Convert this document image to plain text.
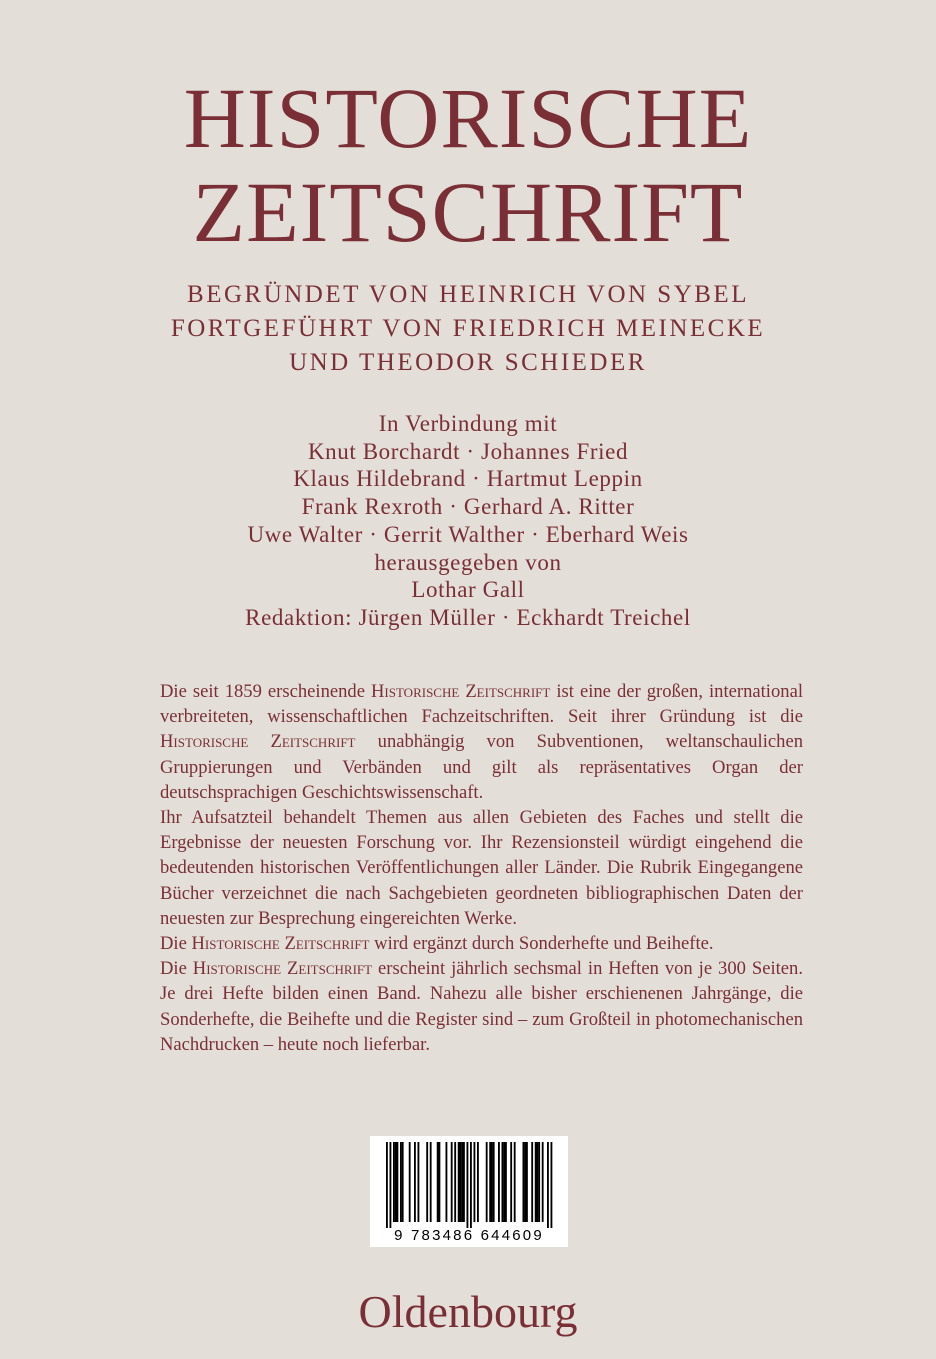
HISTORISCHE
ZEITSCHRIFT
BEGRÜNDET VON HEINRICH VON SYBEL
FORTGEFÜHRT VON FRIEDRICH MEINECKE
UND THEODOR SCHIEDER
In Verbindung mit
Knut Borchardt · Johannes Fried
Klaus Hildebrand · Hartmut Leppin
Frank Rexroth · Gerhard A. Ritter
Uwe Walter · Gerrit Walther · Eberhard Weis
herausgegeben von
Lothar Gall
Redaktion: Jürgen Müller · Eckhardt Treichel

Die seit 1859 erscheinende Historische Zeitschrift ist eine der großen, international verbreiteten, wissenschaftlichen Fachzeitschriften. Seit ihrer Gründung ist die Historische Zeitschrift unabhängig von Subventionen, weltanschaulichen Gruppierungen und Verbänden und gilt als repräsentatives Organ der deutschsprachigen Geschichtswissenschaft.

Ihr Aufsatzteil behandelt Themen aus allen Gebieten des Faches und stellt die Ergebnisse der neuesten Forschung vor. Ihr Rezensionsteil würdigt eingehend die bedeutenden historischen Veröffentlichungen aller Länder. Die Rubrik Eingegangene Bücher verzeichnet die nach Sachgebieten geordneten bibliographischen Daten der neuesten zur Besprechung eingereichten Werke.

Die Historische Zeitschrift wird ergänzt durch Sonderhefte und Beihefte.

Die Historische Zeitschrift erscheint jährlich sechsmal in Heften von je 300 Seiten. Je drei Hefte bilden einen Band. Nahezu alle bisher erschienenen Jahrgänge, die Sonderhefte, die Beihefte und die Register sind – zum Großteil in photomechanischen Nachdrucken – heute noch lieferbar.

9 783486 644609
Oldenbourg
